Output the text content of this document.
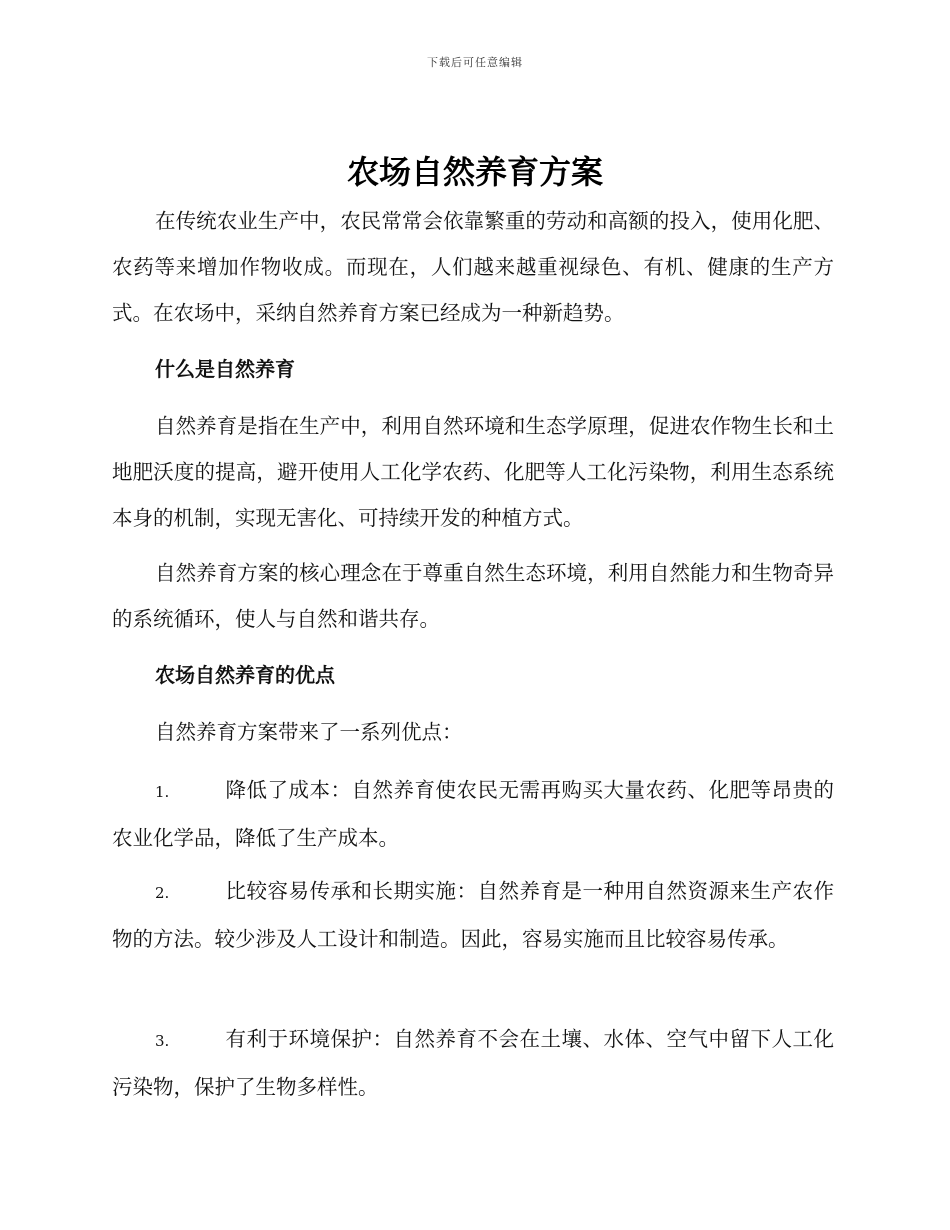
下载后可任意编辑
农场自然养育方案

在传统农业生产中，农民常常会依靠繁重的劳动和高额的投入，使用化肥、农药等来增加作物收成。而现在，人们越来越重视绿色、有机、健康的生产方式。在农场中，采纳自然养育方案已经成为一种新趋势。

什么是自然养育

自然养育是指在生产中，利用自然环境和生态学原理，促进农作物生长和土地肥沃度的提高，避开使用人工化学农药、化肥等人工化污染物，利用生态系统本身的机制，实现无害化、可持续开发的种植方式。

自然养育方案的核心理念在于尊重自然生态环境，利用自然能力和生物奇异的系统循环，使人与自然和谐共存。

农场自然养育的优点

自然养育方案带来了一系列优点：

1.	降低了成本：自然养育使农民无需再购买大量农药、化肥等昂贵的农业化学品，降低了生产成本。

2.	比较容易传承和长期实施：自然养育是一种用自然资源来生产农作物的方法。较少涉及人工设计和制造。因此，容易实施而且比较容易传承。

3.	有利于环境保护：自然养育不会在土壤、水体、空气中留下人工化污染物，保护了生物多样性。
